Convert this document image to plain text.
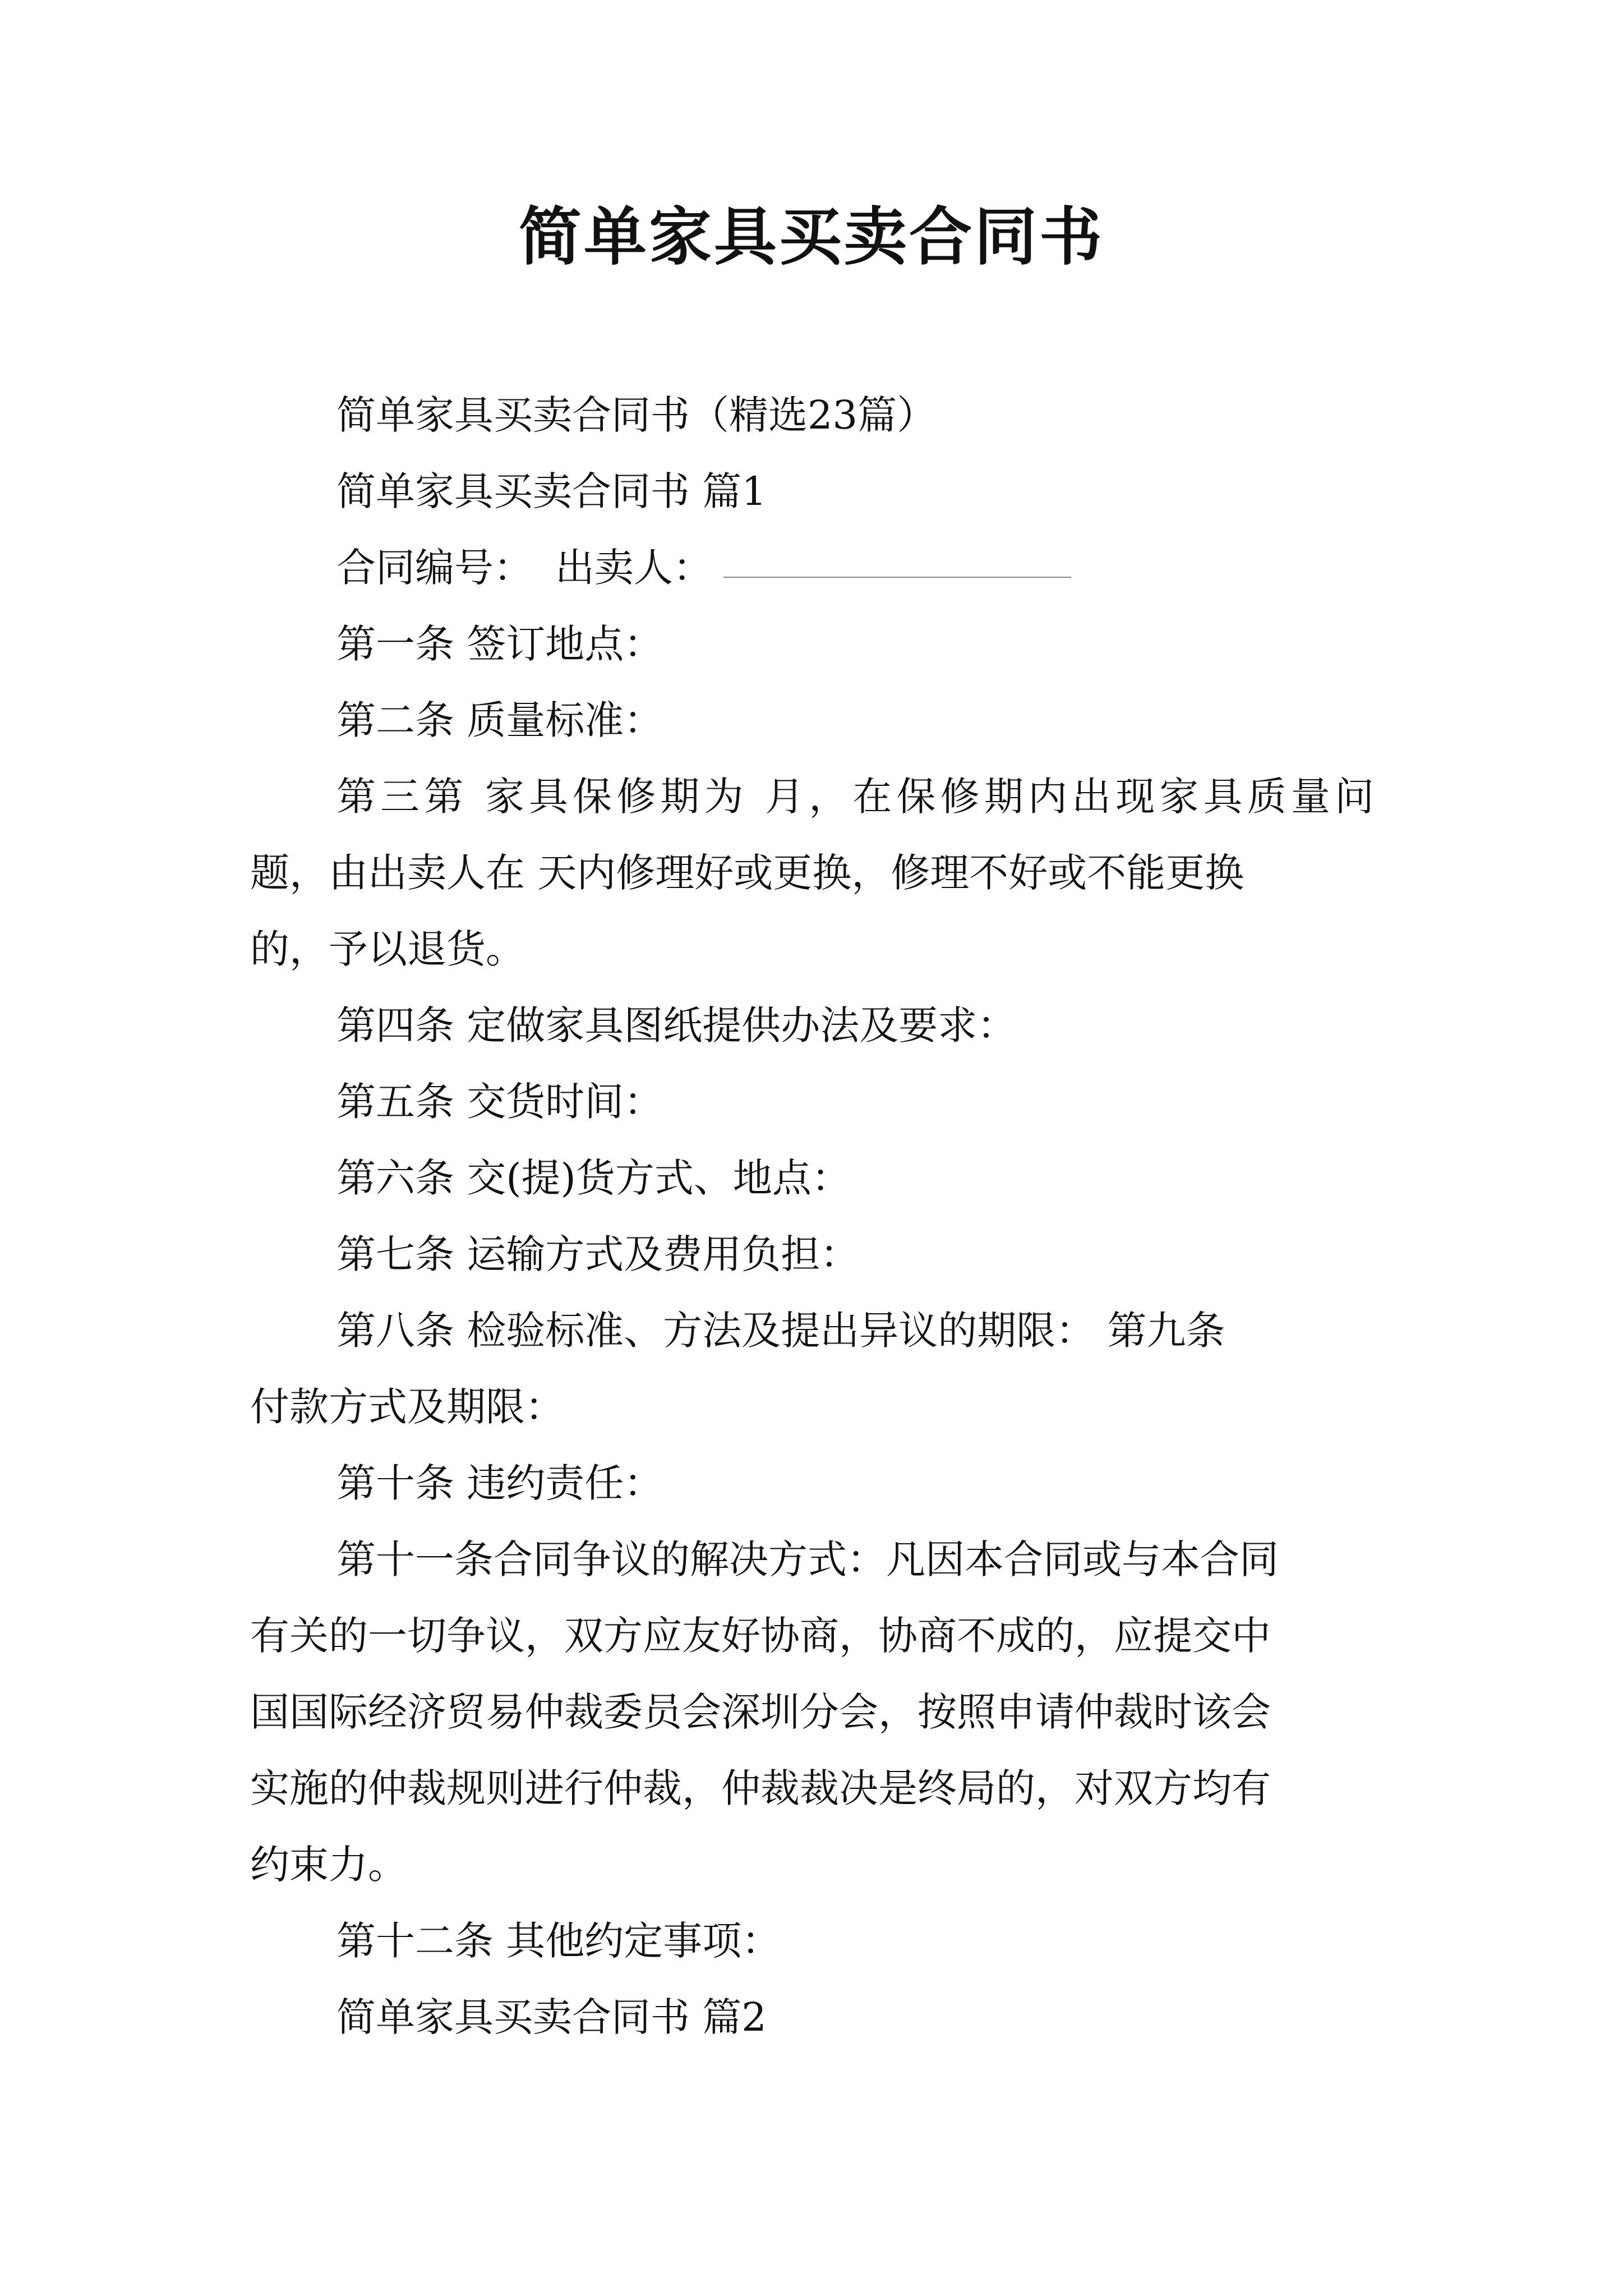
简单家具买卖合同书
简单家具买卖合同书（精选23篇）
简单家具买卖合同书 篇1
合同编号： 出卖人：
第一条 签订地点：
第二条 质量标准：
第三第 家具保修期为 月，在保修期内出现家具质量问
题，由出卖人在 天内修理好或更换，修理不好或不能更换
的，予以退货。
第四条 定做家具图纸提供办法及要求：
第五条 交货时间：
第六条 交(提)货方式、地点：
第七条 运输方式及费用负担：
第八条 检验标准、方法及提出异议的期限： 第九条
付款方式及期限：
第十条 违约责任：
第十一条合同争议的解决方式：凡因本合同或与本合同
有关的一切争议，双方应友好协商，协商不成的，应提交中
国国际经济贸易仲裁委员会深圳分会，按照申请仲裁时该会
实施的仲裁规则进行仲裁，仲裁裁决是终局的，对双方均有
约束力。
第十二条 其他约定事项：
简单家具买卖合同书 篇2
